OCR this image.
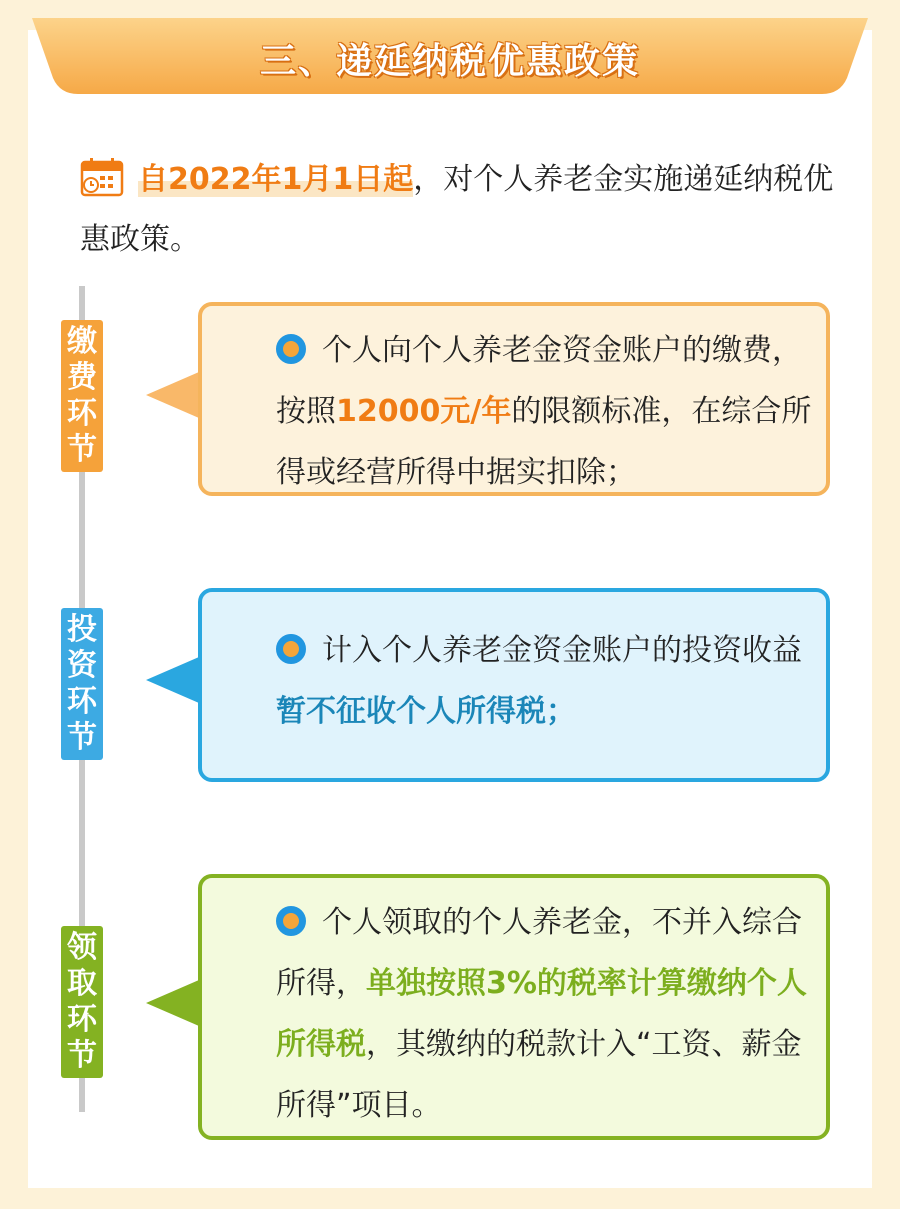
三、递延纳税优惠政策
自2022年1月1日起，对个人养老金实施递延纳税优惠政策。
缴
费
环
节
个人向个人养老金资金账户的缴费，按照12000元/年的限额标准，在综合所得或经营所得中据实扣除；
投
资
环
节
计入个人养老金资金账户的投资收益暂不征收个人所得税；
领
取
环
节
个人领取的个人养老金，不并入综合所得，单独按照3%的税率计算缴纳个人所得税，其缴纳的税款计入“工资、薪金所得”项目。
